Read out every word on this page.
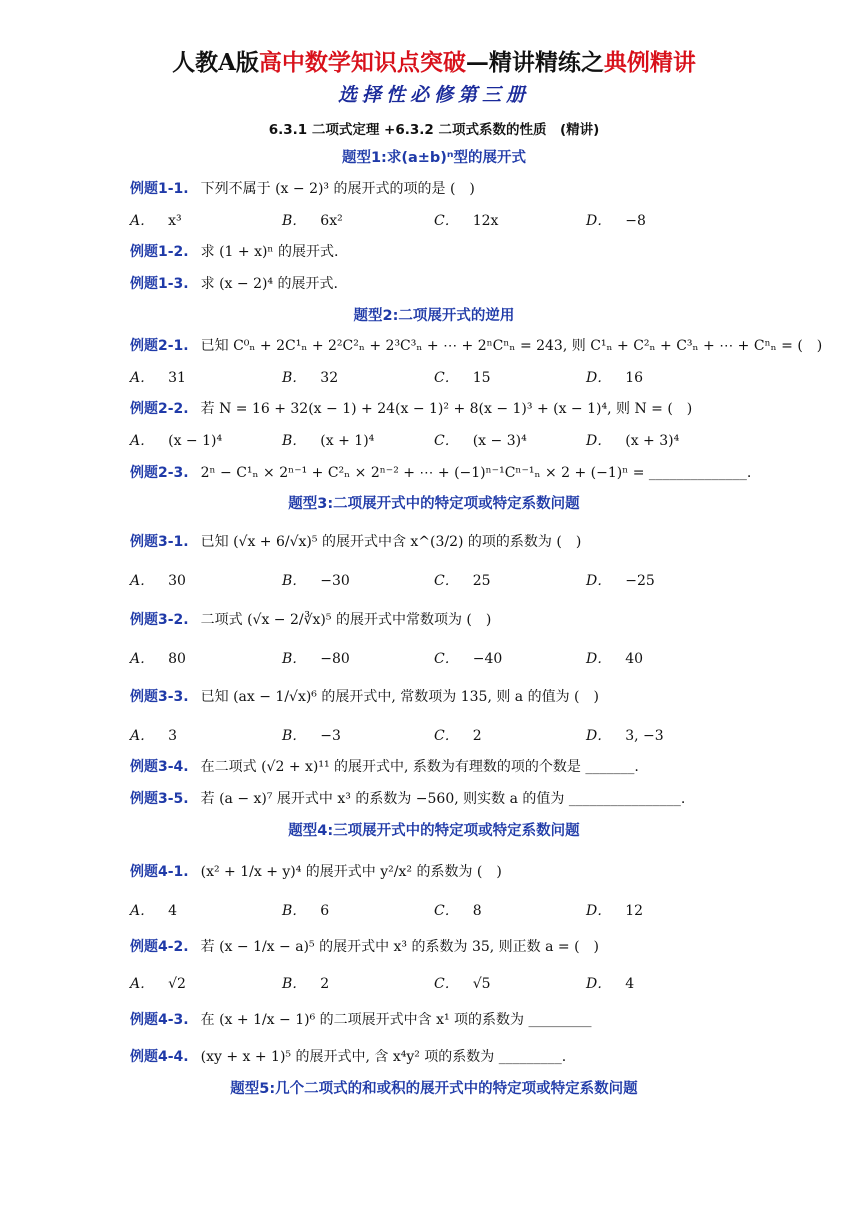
人教A版高中数学知识点突破—精讲精练之典例精讲
选择性必修第三册
6.3.1 二项式定理 +6.3.2 二项式系数的性质　(精讲)
题型1:求(a±b)ⁿ型的展开式
例题1-1. 下列不属于 (x − 2)³ 的展开式的项的是 (　)
A． x³	B． 6x²	C． 12x	D． −8
例题1-2. 求 (1 + x)ⁿ 的展开式.
例题1-3. 求 (x − 2)⁴ 的展开式.
题型2:二项展开式的逆用
例题2-1. 已知 C⁰ₙ + 2C¹ₙ + 2²C²ₙ + 2³C³ₙ + ⋯ + 2ⁿCⁿₙ = 243, 则 C¹ₙ + C²ₙ + C³ₙ + ⋯ + Cⁿₙ = (　)
A． 31	B． 32	C． 15	D． 16
例题2-2. 若 N = 16 + 32(x − 1) + 24(x − 1)² + 8(x − 1)³ + (x − 1)⁴, 则 N = (　)
A． (x − 1)⁴	B． (x + 1)⁴	C． (x − 3)⁴	D． (x + 3)⁴
例题2-3. 2ⁿ − C¹ₙ × 2ⁿ⁻¹ + C²ₙ × 2ⁿ⁻² + ⋯ + (−1)ⁿ⁻¹Cⁿ⁻¹ₙ × 2 + (−1)ⁿ = ______________.
题型3:二项展开式中的特定项或特定系数问题
例题3-1. 已知 (√x + 6/√x)⁵ 的展开式中含 x^(3/2) 的项的系数为 (　)
A． 30	B． −30	C． 25	D． −25
例题3-2. 二项式 (√x − 2/∛x)⁵ 的展开式中常数项为 (　)
A． 80	B． −80	C． −40	D． 40
例题3-3. 已知 (ax − 1/√x)⁶ 的展开式中, 常数项为 135, 则 a 的值为 (　)
A． 3	B． −3	C． 2	D． 3, −3
例题3-4. 在二项式 (√2 + x)¹¹ 的展开式中, 系数为有理数的项的个数是 _______.
例题3-5. 若 (a − x)⁷ 展开式中 x³ 的系数为 −560, 则实数 a 的值为 ________________.
题型4:三项展开式中的特定项或特定系数问题
例题4-1. (x² + 1/x + y)⁴ 的展开式中 y²/x² 的系数为 (　)
A． 4	B． 6	C． 8	D． 12
例题4-2. 若 (x − 1/x − a)⁵ 的展开式中 x³ 的系数为 35, 则正数 a = (　)
A． √2	B． 2	C． √5	D． 4
例题4-3. 在 (x + 1/x − 1)⁶ 的二项展开式中含 x¹ 项的系数为 _________
例题4-4. (xy + x + 1)⁵ 的展开式中, 含 x⁴y² 项的系数为 _________.
题型5:几个二项式的和或积的展开式中的特定项或特定系数问题
